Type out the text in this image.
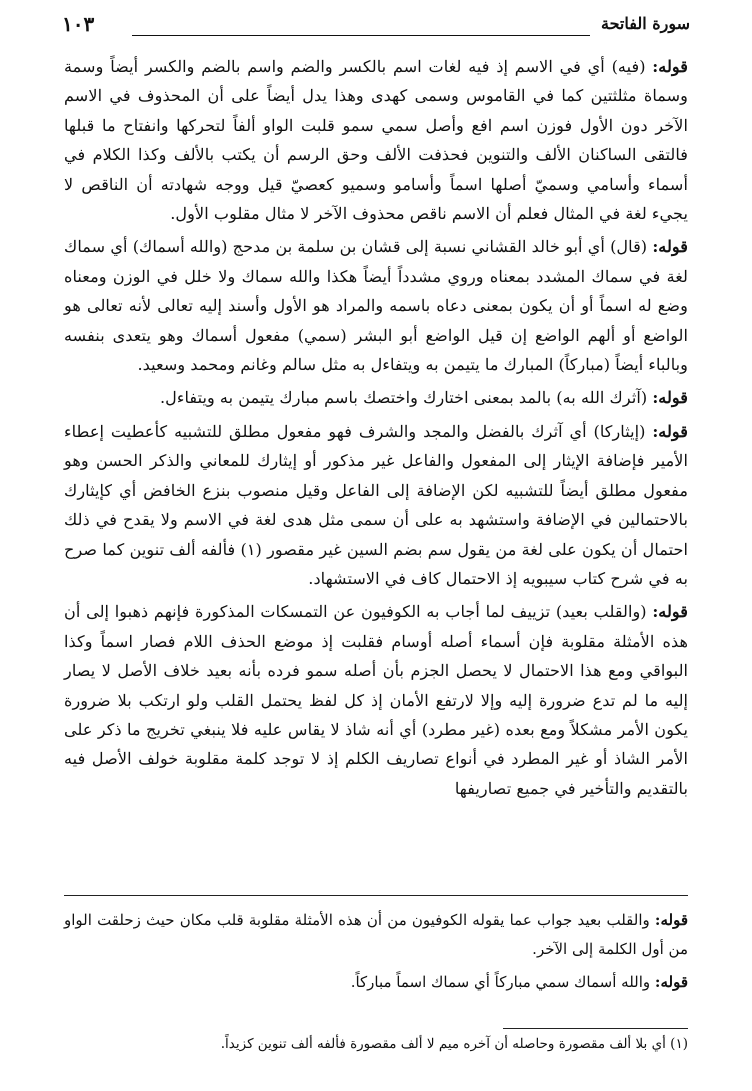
سورة الفاتحة
١٠٣

قوله: (فيه) أي في الاسم إذ فيه لغات اسم بالكسر والضم واسم بالضم والكسر أيضاً وسمة وسماة مثلثتين كما في القاموس وسمى كهدى وهذا يدل أيضاً على أن المحذوف في الاسم الآخر دون الأول فوزن اسم افع وأصل سمي سمو قلبت الواو ألفاً لتحركها وانفتاح ما قبلها فالتقى الساكنان الألف والتنوين فحذفت الألف وحق الرسم أن يكتب بالألف وكذا الكلام في أسماء وأسامي وسميّ أصلها اسماً وأسامو وسميو كعصيّ قيل ووجه شهادته أن الناقص لا يجيء لغة في المثال فعلم أن الاسم ناقص محذوف الآخر لا مثال مقلوب الأول.

قوله: (قال) أي أبو خالد القشاني نسبة إلى قشان بن سلمة بن مدحج (والله أسماك) أي سماك لغة في سماك المشدد بمعناه وروي مشدداً أيضاً هكذا والله سماك ولا خلل في الوزن ومعناه وضع له اسماً أو أن يكون بمعنى دعاه باسمه والمراد هو الأول وأسند إليه تعالى لأنه تعالى هو الواضع أو ألهم الواضع إن قيل الواضع أبو البشر (سمي) مفعول أسماك وهو يتعدى بنفسه وبالباء أيضاً (مباركاً) المبارك ما يتيمن به ويتفاءل به مثل سالم وغانم ومحمد وسعيد.

قوله: (آثرك الله به) بالمد بمعنى اختارك واختصك باسم مبارك يتيمن به ويتفاءل.

قوله: (إيثاركا) أي آثرك بالفضل والمجد والشرف فهو مفعول مطلق للتشبيه كأعطيت إعطاء الأمير فإضافة الإيثار إلى المفعول والفاعل غير مذكور أو إيثارك للمعاني والذكر الحسن وهو مفعول مطلق أيضاً للتشبيه لكن الإضافة إلى الفاعل وقيل منصوب بنزع الخافض أي كإيثارك بالاحتمالين في الإضافة واستشهد به على أن سمى مثل هدى لغة في الاسم ولا يقدح في ذلك احتمال أن يكون على لغة من يقول سم بضم السين غير مقصور (١) فألفه ألف تنوين كما صرح به في شرح كتاب سيبويه إذ الاحتمال كاف في الاستشهاد.

قوله: (والقلب بعيد) تزييف لما أجاب به الكوفيون عن التمسكات المذكورة فإنهم ذهبوا إلى أن هذه الأمثلة مقلوبة فإن أسماء أصله أوسام فقلبت إذ موضع الحذف اللام فصار اسماً وكذا البواقي ومع هذا الاحتمال لا يحصل الجزم بأن أصله سمو فرده بأنه بعيد خلاف الأصل لا يصار إليه ما لم تدع ضرورة إليه وإلا لارتفع الأمان إذ كل لفظ يحتمل القلب ولو ارتكب بلا ضرورة يكون الأمر مشكلاً ومع بعده (غير مطرد) أي أنه شاذ لا يقاس عليه فلا ينبغي تخريج ما ذكر على الأمر الشاذ أو غير المطرد في أنواع تصاريف الكلم إذ لا توجد كلمة مقلوبة خولف الأصل فيه بالتقديم والتأخير في جميع تصاريفها

قوله: والقلب بعيد جواب عما يقوله الكوفيون من أن هذه الأمثلة مقلوبة قلب مكان حيث زحلقت الواو من أول الكلمة إلى الآخر.

قوله: والله أسماك سمي مباركاً أي سماك اسماً مباركاً.

(١) أي بلا ألف مقصورة وحاصله أن آخره ميم لا ألف مقصورة فألفه ألف تنوين كزيداً.
